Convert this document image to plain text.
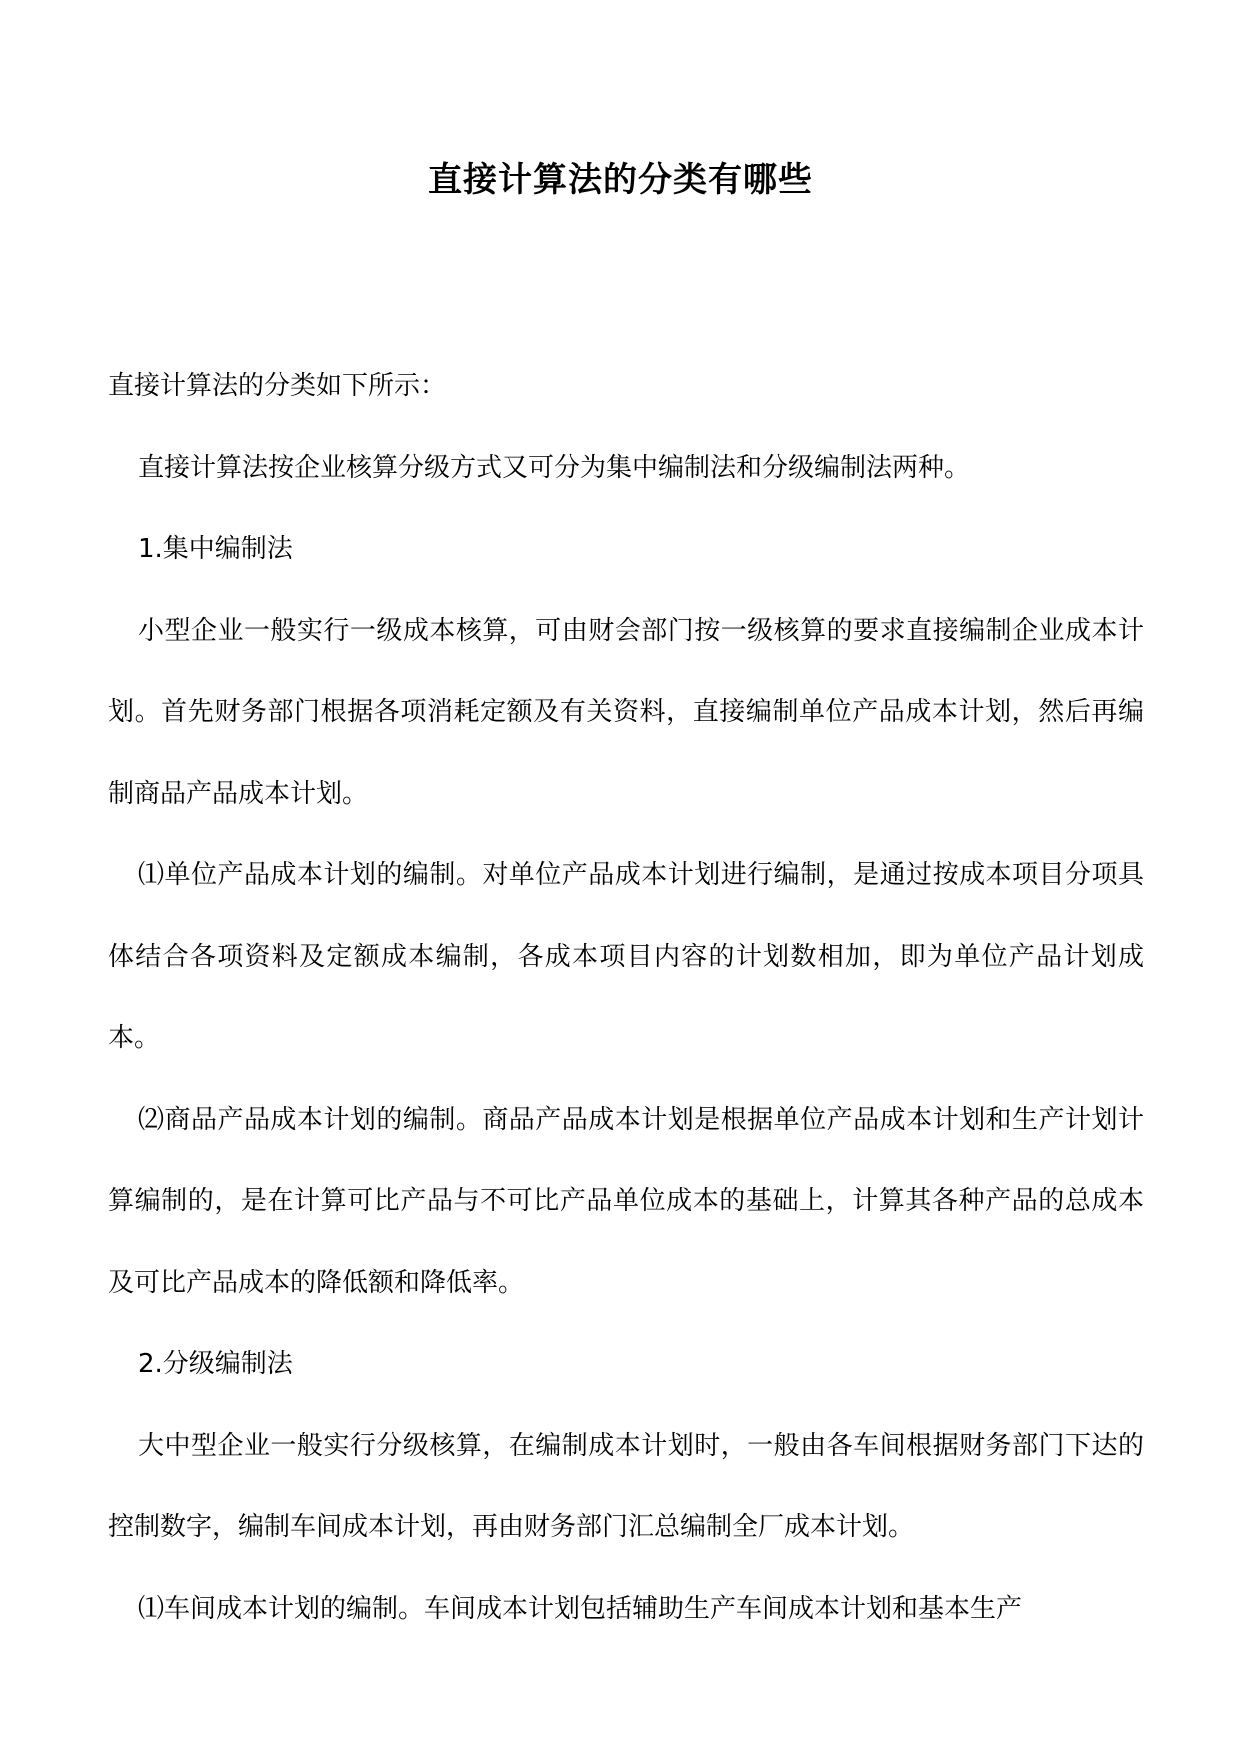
直接计算法的分类有哪些

直接计算法的分类如下所示：

直接计算法按企业核算分级方式又可分为集中编制法和分级编制法两种。

1.集中编制法

小型企业一般实行一级成本核算，可由财会部门按一级核算的要求直接编制企业成本计划。首先财务部门根据各项消耗定额及有关资料，直接编制单位产品成本计划，然后再编制商品产品成本计划。

⑴单位产品成本计划的编制。对单位产品成本计划进行编制，是通过按成本项目分项具体结合各项资料及定额成本编制，各成本项目内容的计划数相加，即为单位产品计划成本。

⑵商品产品成本计划的编制。商品产品成本计划是根据单位产品成本计划和生产计划计算编制的，是在计算可比产品与不可比产品单位成本的基础上，计算其各种产品的总成本及可比产品成本的降低额和降低率。

2.分级编制法

大中型企业一般实行分级核算，在编制成本计划时，一般由各车间根据财务部门下达的控制数字，编制车间成本计划，再由财务部门汇总编制全厂成本计划。

⑴车间成本计划的编制。车间成本计划包括辅助生产车间成本计划和基本生产
